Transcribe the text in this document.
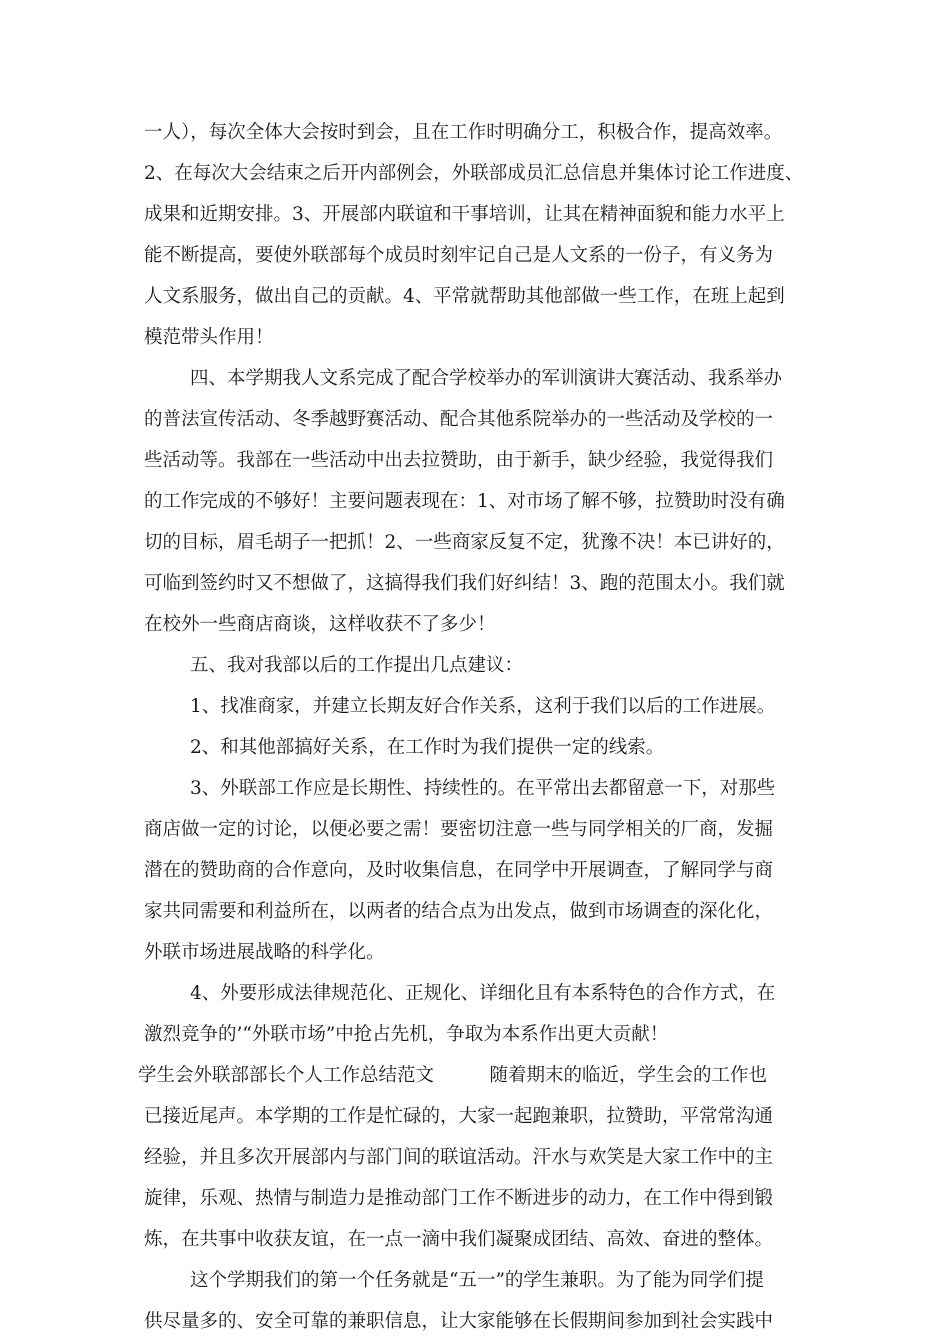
一人），每次全体大会按时到会，且在工作时明确分工，积极合作，提高效率。
2、在每次大会结束之后开内部例会，外联部成员汇总信息并集体讨论工作进度、
成果和近期安排。3、开展部内联谊和干事培训，让其在精神面貌和能力水平上
能不断提高，要使外联部每个成员时刻牢记自己是人文系的一份子，有义务为
人文系服务，做出自己的贡献。4、平常就帮助其他部做一些工作，在班上起到
模范带头作用！
四、本学期我人文系完成了配合学校举办的军训演讲大赛活动、我系举办
的普法宣传活动、冬季越野赛活动、配合其他系院举办的一些活动及学校的一
些活动等。我部在一些活动中出去拉赞助，由于新手，缺少经验，我觉得我们
的工作完成的不够好！主要问题表现在：1、对市场了解不够，拉赞助时没有确
切的目标，眉毛胡子一把抓！2、一些商家反复不定，犹豫不决！本已讲好的，
可临到签约时又不想做了，这搞得我们我们好纠结！3、跑的范围太小。我们就
在校外一些商店商谈，这样收获不了多少！
五、我对我部以后的工作提出几点建议：
1、找准商家，并建立长期友好合作关系，这利于我们以后的工作进展。
2、和其他部搞好关系，在工作时为我们提供一定的线索。
3、外联部工作应是长期性、持续性的。在平常出去都留意一下，对那些
商店做一定的讨论，以便必要之需！要密切注意一些与同学相关的厂商，发掘
潜在的赞助商的合作意向，及时收集信息，在同学中开展调查，了解同学与商
家共同需要和利益所在，以两者的结合点为出发点，做到市场调查的深化化，
外联市场进展战略的科学化。
4、外要形成法律规范化、正规化、详细化且有本系特色的合作方式，在
激烈竞争的’“外联市场”中抢占先机，争取为本系作出更大贡献！
学生会外联部部长个人工作总结范文　　　随着期末的临近，学生会的工作也
已接近尾声。本学期的工作是忙碌的，大家一起跑兼职，拉赞助，平常常沟通
经验，并且多次开展部内与部门间的联谊活动。汗水与欢笑是大家工作中的主
旋律，乐观、热情与制造力是推动部门工作不断进步的动力，在工作中得到锻
炼，在共事中收获友谊，在一点一滴中我们凝聚成团结、高效、奋进的整体。
这个学期我们的第一个任务就是“五一”的学生兼职。为了能为同学们提
供尽量多的、安全可靠的兼职信息，让大家能够在长假期间参加到社会实践中
